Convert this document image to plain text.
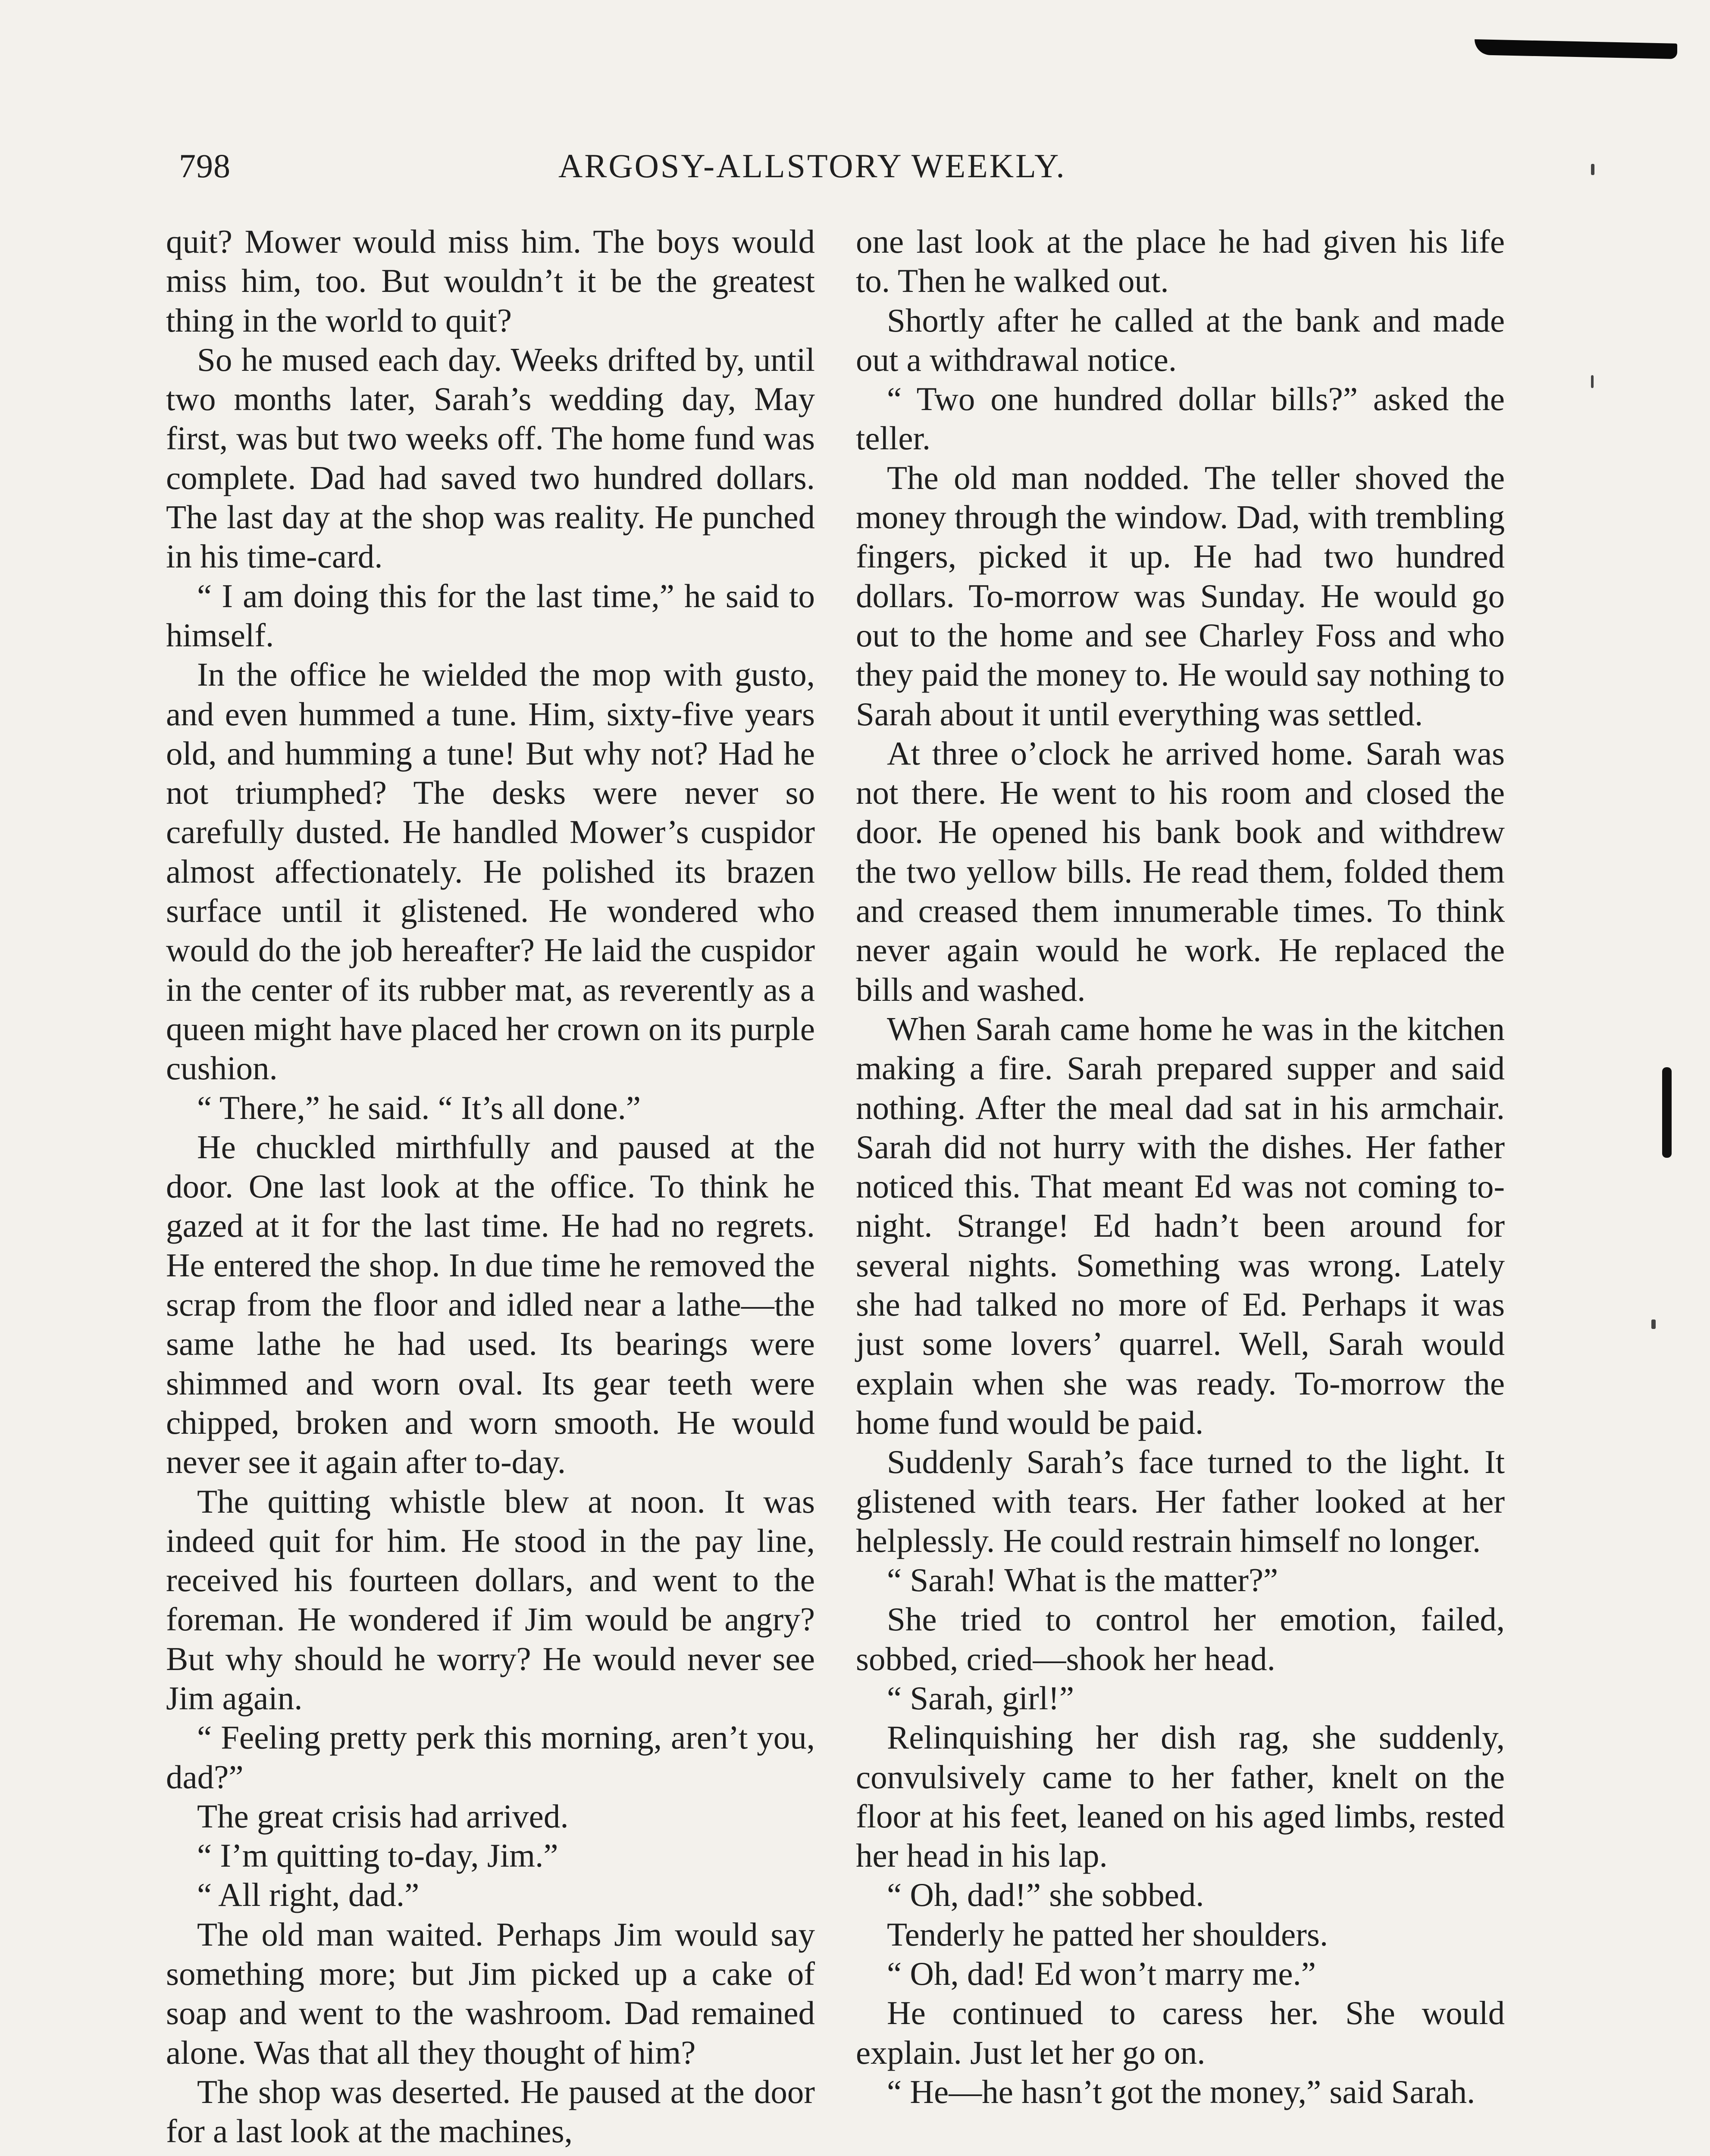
798	ARGOSY-ALLSTORY WEEKLY.

quit? Mower would miss him. The boys would miss him, too. But wouldn’t it be the greatest thing in the world to quit?

So he mused each day. Weeks drifted by, until two months later, Sarah’s wedding day, May first, was but two weeks off. The home fund was complete. Dad had saved two hundred dollars. The last day at the shop was reality. He punched in his time-card.

“ I am doing this for the last time,” he said to himself.

In the office he wielded the mop with gusto, and even hummed a tune. Him, sixty-five years old, and humming a tune! But why not? Had he not triumphed? The desks were never so carefully dusted. He handled Mower’s cuspidor almost affectionately. He polished its brazen surface until it glistened. He wondered who would do the job hereafter? He laid the cuspidor in the center of its rubber mat, as reverently as a queen might have placed her crown on its purple cushion.

“ There,” he said. “ It’s all done.”

He chuckled mirthfully and paused at the door. One last look at the office. To think he gazed at it for the last time. He had no regrets. He entered the shop. In due time he removed the scrap from the floor and idled near a lathe—the same lathe he had used. Its bearings were shimmed and worn oval. Its gear teeth were chipped, broken and worn smooth. He would never see it again after to-day.

The quitting whistle blew at noon. It was indeed quit for him. He stood in the pay line, received his fourteen dollars, and went to the foreman. He wondered if Jim would be angry? But why should he worry? He would never see Jim again.

“ Feeling pretty perk this morning, aren’t you, dad?”

The great crisis had arrived.

“ I’m quitting to-day, Jim.”

“ All right, dad.”

The old man waited. Perhaps Jim would say something more; but Jim picked up a cake of soap and went to the washroom. Dad remained alone. Was that all they thought of him?

The shop was deserted. He paused at the door for a last look at the machines,

one last look at the place he had given his life to. Then he walked out.

Shortly after he called at the bank and made out a withdrawal notice.

“ Two one hundred dollar bills?” asked the teller.

The old man nodded. The teller shoved the money through the window. Dad, with trembling fingers, picked it up. He had two hundred dollars. To-morrow was Sunday. He would go out to the home and see Charley Foss and who they paid the money to. He would say nothing to Sarah about it until everything was settled.

At three o’clock he arrived home. Sarah was not there. He went to his room and closed the door. He opened his bank book and withdrew the two yellow bills. He read them, folded them and creased them innumerable times. To think never again would he work. He replaced the bills and washed.

When Sarah came home he was in the kitchen making a fire. Sarah prepared supper and said nothing. After the meal dad sat in his armchair. Sarah did not hurry with the dishes. Her father noticed this. That meant Ed was not coming to-night. Strange! Ed hadn’t been around for several nights. Something was wrong. Lately she had talked no more of Ed. Perhaps it was just some lovers’ quarrel. Well, Sarah would explain when she was ready. To-morrow the home fund would be paid.

Suddenly Sarah’s face turned to the light. It glistened with tears. Her father looked at her helplessly. He could restrain himself no longer.

“ Sarah! What is the matter?”

She tried to control her emotion, failed, sobbed, cried—shook her head.

“ Sarah, girl!”

Relinquishing her dish rag, she suddenly, convulsively came to her father, knelt on the floor at his feet, leaned on his aged limbs, rested her head in his lap.

“ Oh, dad!” she sobbed.

Tenderly he patted her shoulders.

“ Oh, dad! Ed won’t marry me.”

He continued to caress her. She would explain. Just let her go on.

“ He—he hasn’t got the money,” said Sarah.
